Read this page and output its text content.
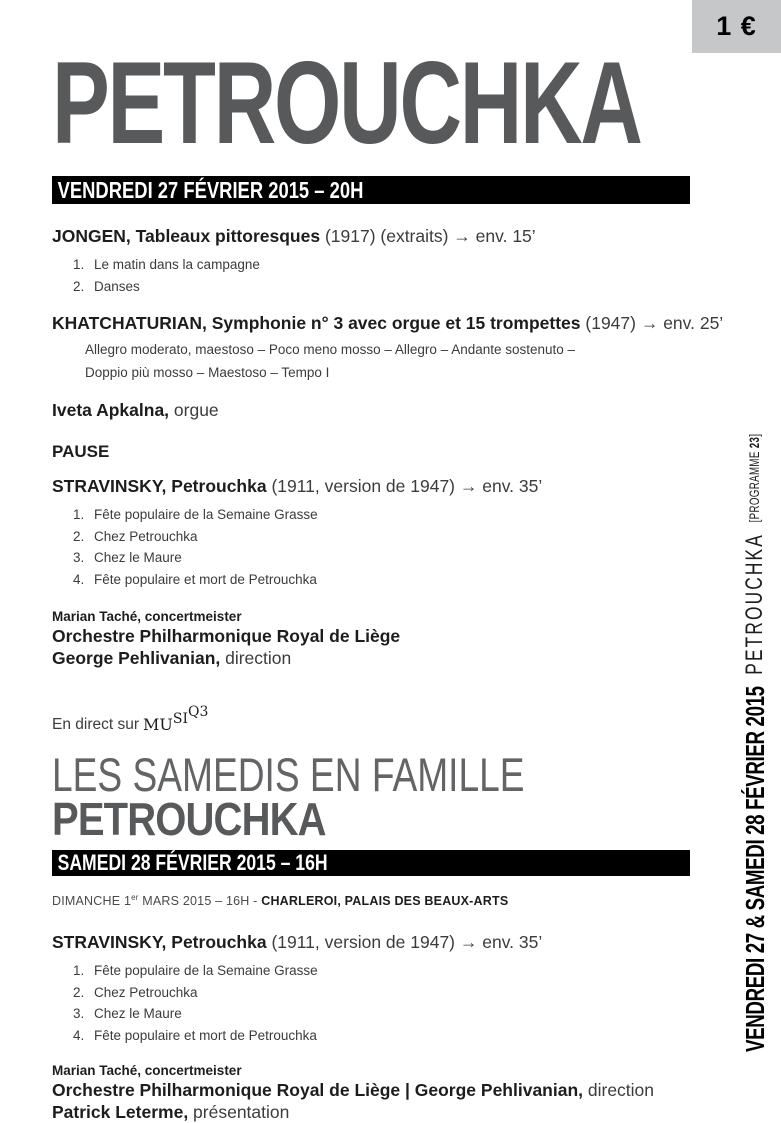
1 €
PETROUCHKA
VENDREDI 27 FÉVRIER 2015 – 20H
JONGEN, Tableaux pittoresques (1917) (extraits) → env. 15’
1. Le matin dans la campagne
2. Danses
KHATCHATURIAN, Symphonie n° 3 avec orgue et 15 trompettes (1947) → env. 25’
Allegro moderato, maestoso – Poco meno mosso – Allegro – Andante sostenuto –
Doppio più mosso – Maestoso – Tempo I
Iveta Apkalna, orgue
PAUSE
STRAVINSKY, Petrouchka (1911, version de 1947) → env. 35’
1. Fête populaire de la Semaine Grasse
2. Chez Petrouchka
3. Chez le Maure
4. Fête populaire et mort de Petrouchka
Marian Taché, concertmeister
Orchestre Philharmonique Royal de Liège
George Pehlivanian, direction
En direct sur MU SI Q3
LES SAMEDIS EN FAMILLE
PETROUCHKA
SAMEDI 28 FÉVRIER 2015 – 16H
DIMANCHE 1er MARS 2015 – 16H - CHARLEROI, PALAIS DES BEAUX-ARTS
STRAVINSKY, Petrouchka (1911, version de 1947) → env. 35’
1. Fête populaire de la Semaine Grasse
2. Chez Petrouchka
3. Chez le Maure
4. Fête populaire et mort de Petrouchka
Marian Taché, concertmeister
Orchestre Philharmonique Royal de Liège | George Pehlivanian, direction
Patrick Leterme, présentation
VENDREDI 27 & SAMEDI 28 FÉVRIER 2015 PETROUCHKA [PROGRAMME 23]
